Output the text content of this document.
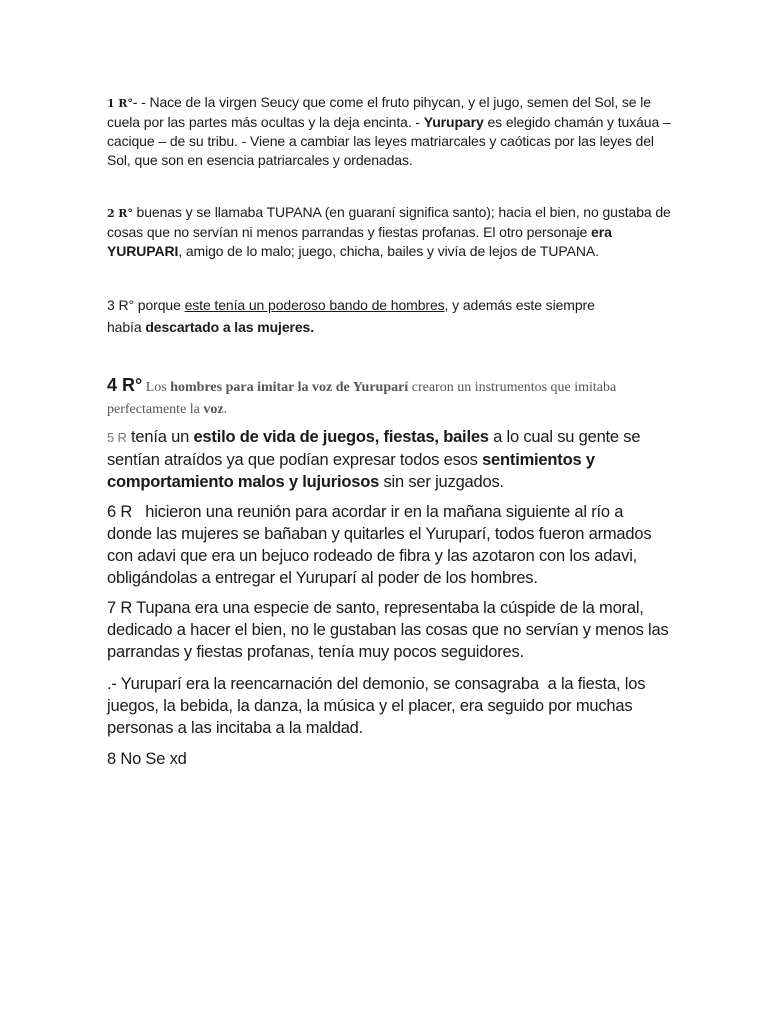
1 R°- - Nace de la virgen Seucy que come el fruto pihycan, y el jugo, semen del Sol, se le cuela por las partes más ocultas y la deja encinta. - Yurupary es elegido chamán y tuxáua – cacique – de su tribu. - Viene a cambiar las leyes matriarcales y caóticas por las leyes del Sol, que son en esencia patriarcales y ordenadas.

2 R° buenas y se llamaba TUPANA (en guaraní significa santo); hacia el bien, no gustaba de cosas que no servían ni menos parrandas y fiestas profanas. El otro personaje era YURUPARI, amigo de lo malo; juego, chicha, bailes y vivía de lejos de TUPANA.

3 R° porque este tenía un poderoso bando de hombres, y además este siempre había descartado a las mujeres.

4 R° Los hombres para imitar la voz de Yuruparí crearon un instrumentos que imitaba perfectamente la voz.

5 R tenía un estilo de vida de juegos, fiestas, bailes a lo cual su gente se sentían atraídos ya que podían expresar todos esos sentimientos y comportamiento malos y lujuriosos sin ser juzgados.

6 R   hicieron una reunión para acordar ir en la mañana siguiente al río a donde las mujeres se bañaban y quitarles el Yuruparí, todos fueron armados con adavi que era un bejuco rodeado de fibra y las azotaron con los adavi, obligándolas a entregar el Yuruparí al poder de los hombres.

7 R Tupana era una especie de santo, representaba la cúspide de la moral, dedicado a hacer el bien, no le gustaban las cosas que no servían y menos las parrandas y fiestas profanas, tenía muy pocos seguidores.

.- Yuruparí era la reencarnación del demonio, se consagraba  a la fiesta, los juegos, la bebida, la danza, la música y el placer, era seguido por muchas personas a las incitaba a la maldad.

8 No Se xd
